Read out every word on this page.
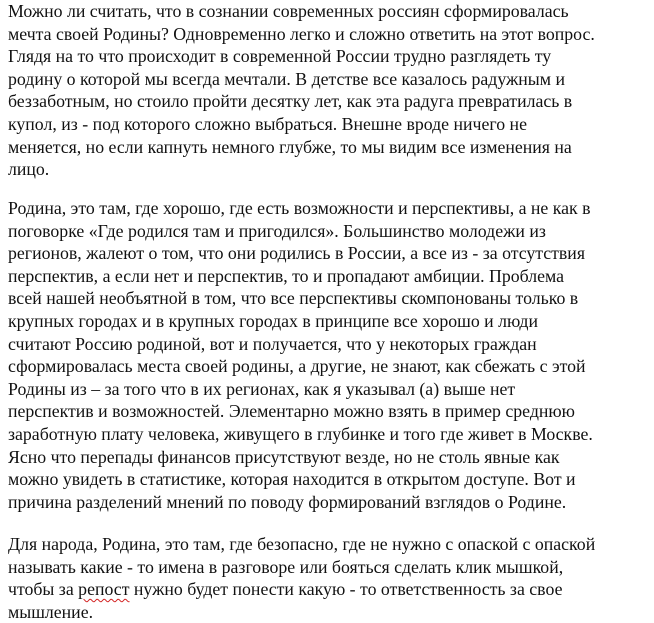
Можно ли считать, что в сознании современных россиян сформировалась
мечта своей Родины? Одновременно легко и сложно ответить на этот вопрос.
Глядя на то что происходит в современной России трудно разглядеть ту
родину о которой мы всегда мечтали. В детстве все казалось радужным и
беззаботным, но стоило пройти десятку лет, как эта радуга превратилась в
купол, из - под которого сложно выбраться. Внешне вроде ничего не
меняется, но если капнуть немного глубже, то мы видим все изменения на
лицо.
Родина, это там, где хорошо, где есть возможности и перспективы, а не как в
поговорке «Где родился там и пригодился». Большинство молодежи из
регионов, жалеют о том, что они родились в России, а все из - за отсутствия
перспектив, а если нет и перспектив, то и пропадают амбиции. Проблема
всей нашей необъятной в том, что все перспективы скомпонованы только в
крупных городах и в крупных городах в принципе все хорошо и люди
считают Россию родиной, вот и получается, что у некоторых граждан
сформировалась места своей родины, а другие, не знают, как сбежать с этой
Родины из – за того что в их регионах, как я указывал (а) выше нет
перспектив и возможностей. Элементарно можно взять в пример среднюю
заработную плату человека, живущего в глубинке и того где живет в Москве.
Ясно что перепады финансов присутствуют везде, но не столь явные как
можно увидеть в статистике, которая находится в открытом доступе. Вот и
причина разделений мнений по поводу формирований взглядов о Родине.
Для народа, Родина, это там, где безопасно, где не нужно с опаской с опаской
называть какие - то имена в разговоре или бояться сделать клик мышкой,
чтобы за репост нужно будет понести какую - то ответственность за свое
мышление.
